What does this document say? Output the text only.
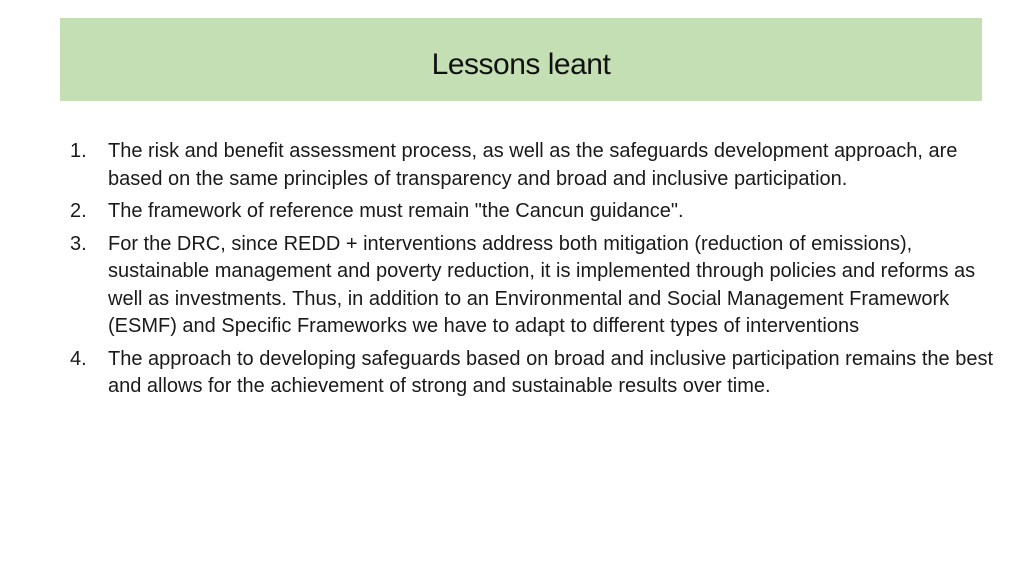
Lessons leant
1.	The risk and benefit assessment process, as well as the safeguards development approach, are based on the same principles of transparency and broad and inclusive participation.
2.	The framework of reference must remain "the Cancun guidance".
3.	For the DRC, since REDD + interventions address both mitigation (reduction of emissions), sustainable management and poverty reduction, it is implemented through policies and reforms as well as investments. Thus, in addition to an Environmental and Social Management Framework (ESMF) and Specific Frameworks we have to adapt to different types of interventions
4.	The approach to developing safeguards based on broad and inclusive participation remains the best and allows for the achievement of strong and sustainable results over time.
